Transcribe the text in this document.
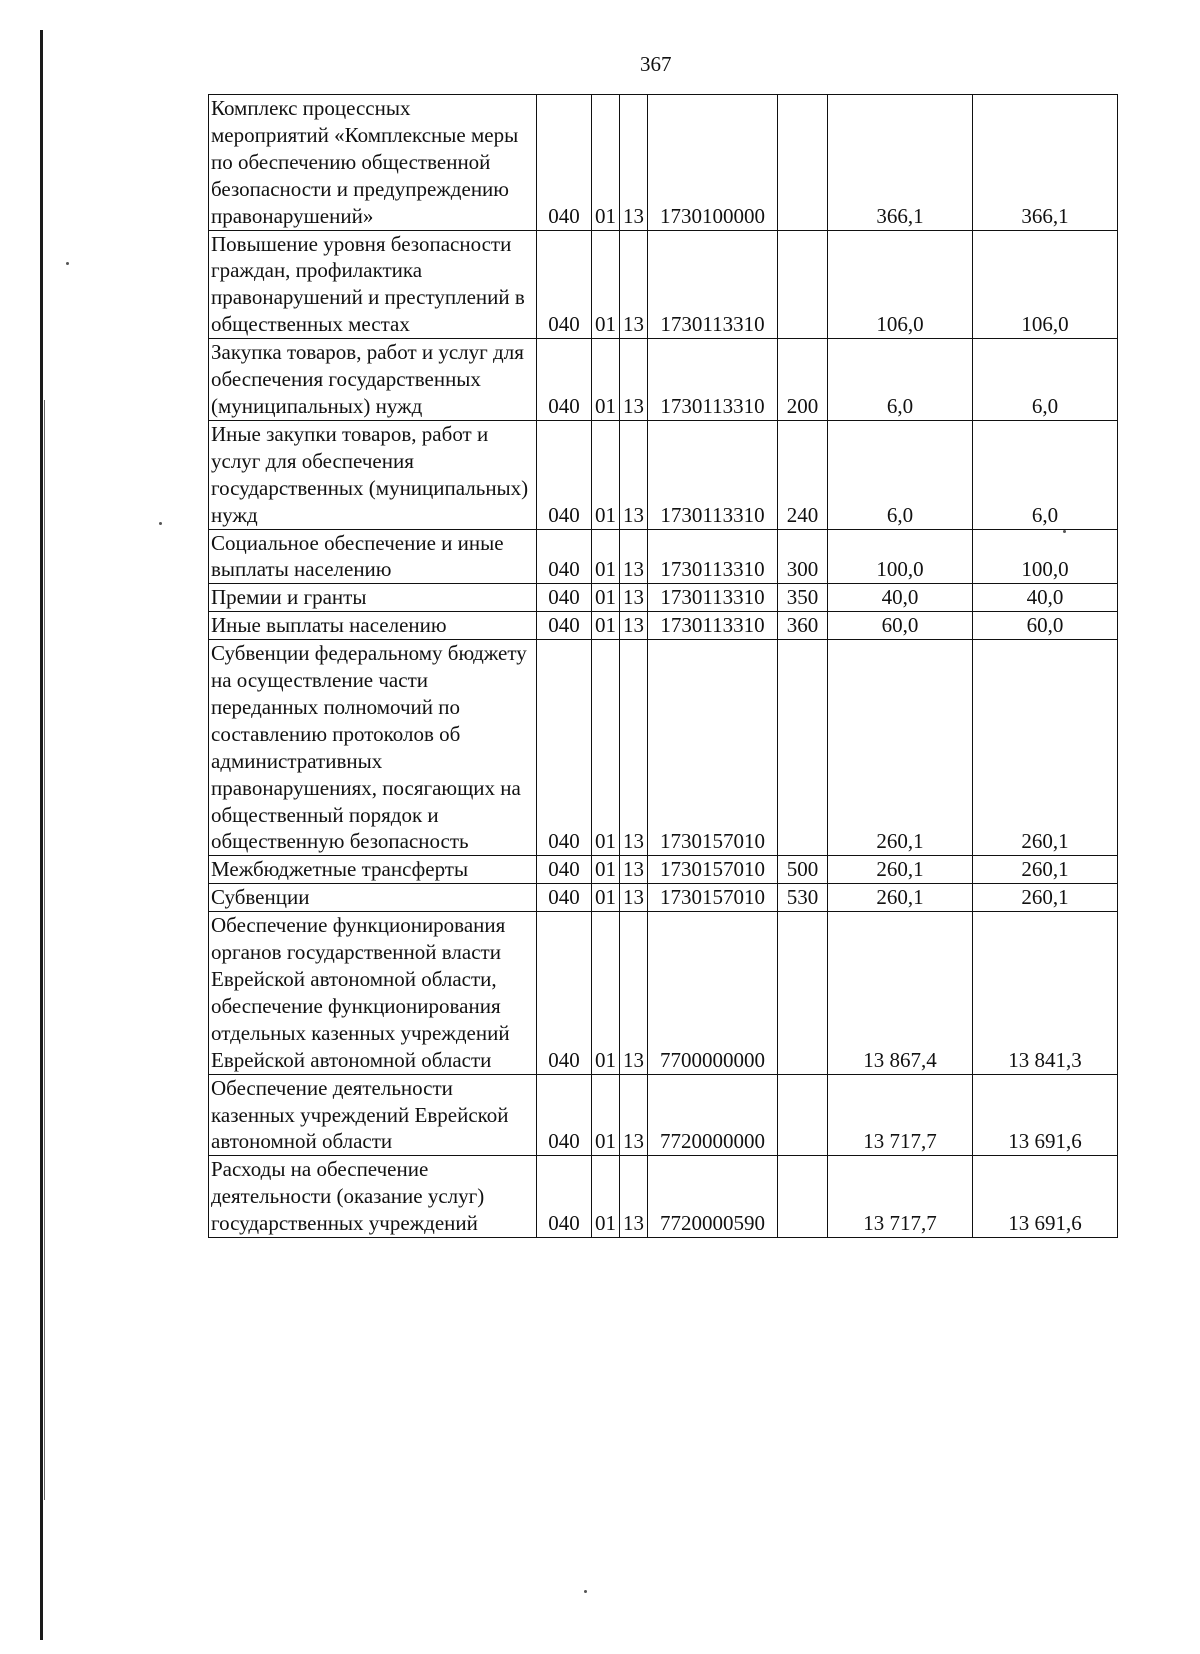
367
Комплекс процессных мероприятий «Комплексные меры по обеспечению общественной безопасности и предупреждению правонарушений»	040	01	13	1730100000		366,1	366,1
Повышение уровня безопасности граждан, профилактика правонарушений и преступлений в общественных местах	040	01	13	1730113310		106,0	106,0
Закупка товаров, работ и услуг для обеспечения государственных (муниципальных) нужд	040	01	13	1730113310	200	6,0	6,0
Иные закупки товаров, работ и услуг для обеспечения государственных (муниципальных) нужд	040	01	13	1730113310	240	6,0	6,0
Социальное обеспечение и иные выплаты населению	040	01	13	1730113310	300	100,0	100,0
Премии и гранты	040	01	13	1730113310	350	40,0	40,0
Иные выплаты населению	040	01	13	1730113310	360	60,0	60,0
Субвенции федеральному бюджету на осуществление части переданных полномочий по составлению протоколов об административных правонарушениях, посягающих на общественный порядок и общественную безопасность	040	01	13	1730157010		260,1	260,1
Межбюджетные трансферты	040	01	13	1730157010	500	260,1	260,1
Субвенции	040	01	13	1730157010	530	260,1	260,1
Обеспечение функционирования органов государственной власти Еврейской автономной области, обеспечение функционирования отдельных казенных учреждений Еврейской автономной области	040	01	13	7700000000		13 867,4	13 841,3
Обеспечение деятельности казенных учреждений Еврейской автономной области	040	01	13	7720000000		13 717,7	13 691,6
Расходы на обеспечение деятельности (оказание услуг) государственных учреждений	040	01	13	7720000590		13 717,7	13 691,6
